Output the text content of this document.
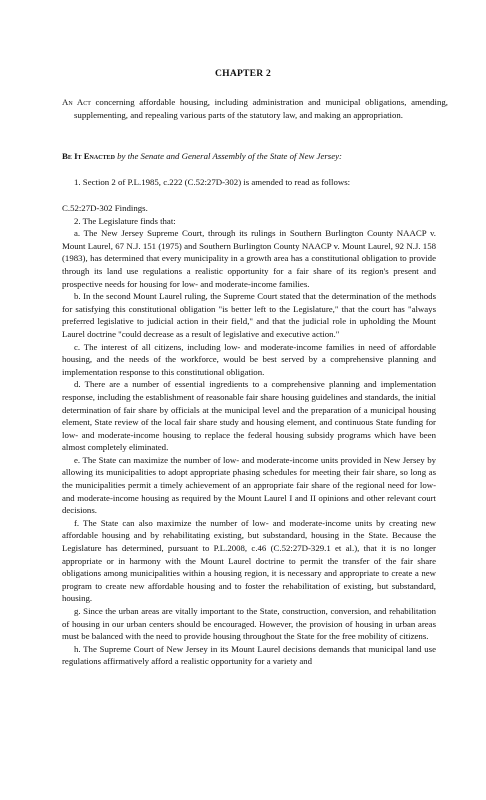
CHAPTER 2
An Act concerning affordable housing, including administration and municipal obligations, amending, supplementing, and repealing various parts of the statutory law, and making an appropriation.
Be It Enacted by the Senate and General Assembly of the State of New Jersey:
1. Section 2 of P.L.1985, c.222 (C.52:27D-302) is amended to read as follows:

C.52:27D-302 Findings.

2. The Legislature finds that:

a. The New Jersey Supreme Court, through its rulings in Southern Burlington County NAACP v. Mount Laurel, 67 N.J. 151 (1975) and Southern Burlington County NAACP v. Mount Laurel, 92 N.J. 158 (1983), has determined that every municipality in a growth area has a constitutional obligation to provide through its land use regulations a realistic opportunity for a fair share of its region's present and prospective needs for housing for low- and moderate-income families.

b. In the second Mount Laurel ruling, the Supreme Court stated that the determination of the methods for satisfying this constitutional obligation "is better left to the Legislature," that the court has "always preferred legislative to judicial action in their field," and that the judicial role in upholding the Mount Laurel doctrine "could decrease as a result of legislative and executive action."

c. The interest of all citizens, including low- and moderate-income families in need of affordable housing, and the needs of the workforce, would be best served by a comprehensive planning and implementation response to this constitutional obligation.

d. There are a number of essential ingredients to a comprehensive planning and implementation response, including the establishment of reasonable fair share housing guidelines and standards, the initial determination of fair share by officials at the municipal level and the preparation of a municipal housing element, State review of the local fair share study and housing element, and continuous State funding for low- and moderate-income housing to replace the federal housing subsidy programs which have been almost completely eliminated.

e. The State can maximize the number of low- and moderate-income units provided in New Jersey by allowing its municipalities to adopt appropriate phasing schedules for meeting their fair share, so long as the municipalities permit a timely achievement of an appropriate fair share of the regional need for low- and moderate-income housing as required by the Mount Laurel I and II opinions and other relevant court decisions.

f. The State can also maximize the number of low- and moderate-income units by creating new affordable housing and by rehabilitating existing, but substandard, housing in the State. Because the Legislature has determined, pursuant to P.L.2008, c.46 (C.52:27D-329.1 et al.), that it is no longer appropriate or in harmony with the Mount Laurel doctrine to permit the transfer of the fair share obligations among municipalities within a housing region, it is necessary and appropriate to create a new program to create new affordable housing and to foster the rehabilitation of existing, but substandard, housing.

g. Since the urban areas are vitally important to the State, construction, conversion, and rehabilitation of housing in our urban centers should be encouraged. However, the provision of housing in urban areas must be balanced with the need to provide housing throughout the State for the free mobility of citizens.

h. The Supreme Court of New Jersey in its Mount Laurel decisions demands that municipal land use regulations affirmatively afford a realistic opportunity for a variety and
